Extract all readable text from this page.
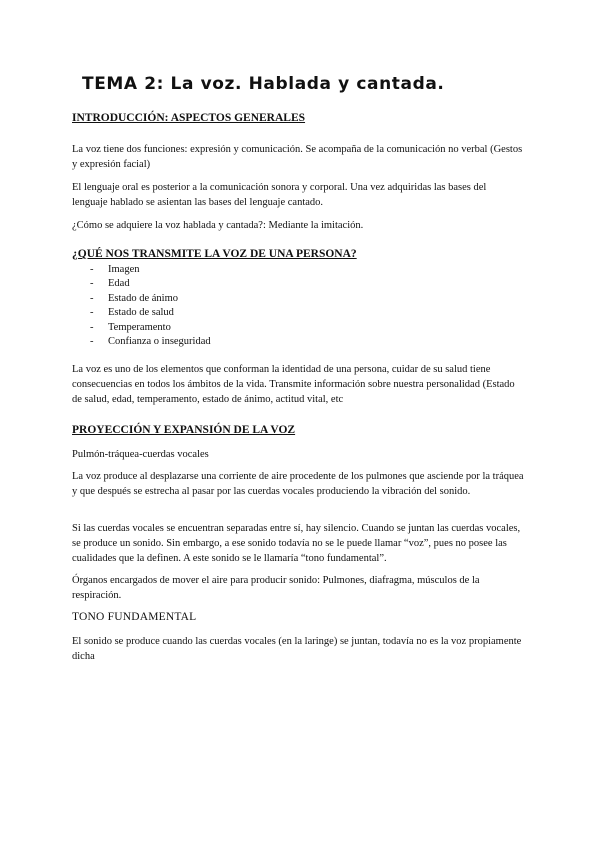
TEMA 2: La voz. Hablada y cantada.
INTRODUCCIÓN: ASPECTOS GENERALES
La voz tiene dos funciones: expresión y comunicación. Se acompaña de la comunicación no verbal (Gestos y expresión facial)
El lenguaje oral es posterior a la comunicación sonora y corporal. Una vez adquiridas las bases del lenguaje hablado se asientan las bases del lenguaje cantado.
¿Cómo se adquiere la voz hablada y cantada?: Mediante la imitación.
¿QUÉ NOS TRANSMITE LA VOZ DE UNA PERSONA?
- Imagen
- Edad
- Estado de ánimo
- Estado de salud
- Temperamento
- Confianza o inseguridad
La voz es uno de los elementos que conforman la identidad de una persona, cuidar de su salud tiene consecuencias en todos los ámbitos de la vida. Transmite información sobre nuestra personalidad (Estado de salud, edad, temperamento, estado de ánimo, actitud vital, etc
PROYECCIÓN Y EXPANSIÓN DE LA VOZ
Pulmón-tráquea-cuerdas vocales
La voz produce al desplazarse una corriente de aire procedente de los pulmones que asciende por la tráquea y que después se estrecha al pasar por las cuerdas vocales produciendo la vibración del sonido.
Si las cuerdas vocales se encuentran separadas entre sí, hay silencio. Cuando se juntan las cuerdas vocales, se produce un sonido. Sin embargo, a ese sonido todavía no se le puede llamar “voz”, pues no posee las cualidades que la definen. A este sonido se le llamaría “tono fundamental”.
Órganos encargados de mover el aire para producir sonido: Pulmones, diafragma, músculos de la respiración.
TONO FUNDAMENTAL
El sonido se produce cuando las cuerdas vocales (en la laringe) se juntan, todavía no es la voz propiamente dicha
